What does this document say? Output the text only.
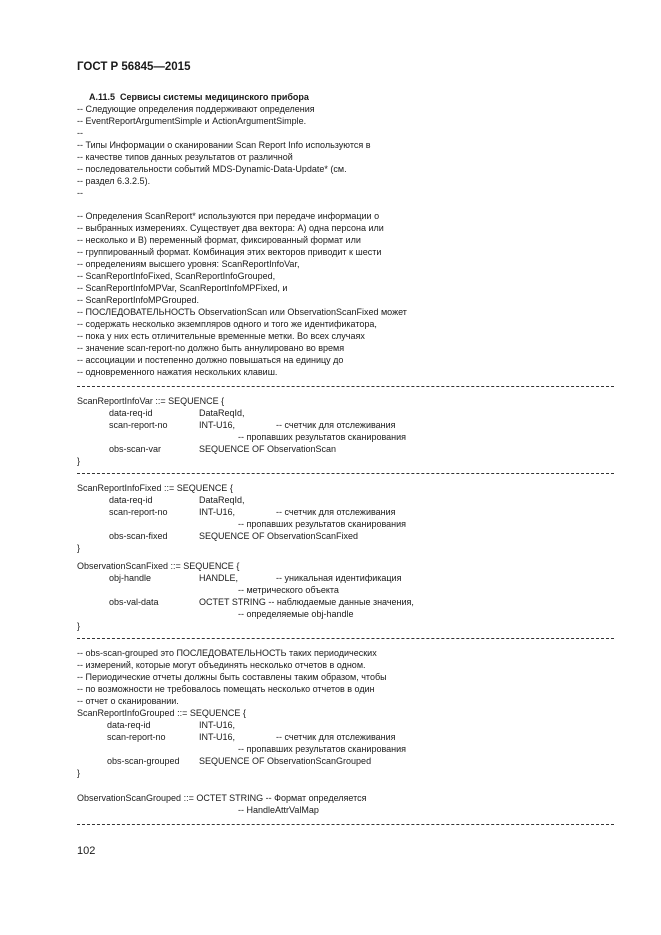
ГОСТ Р 56845—2015
A.11.5  Сервисы системы медицинского прибора
-- Следующие определения поддерживают определения
-- EventReportArgumentSimple и ActionArgumentSimple.
--
-- Типы Информации о сканировании Scan Report Info используются в
-- качестве типов данных результатов от различной
-- последовательности событий MDS-Dynamic-Data-Update* (см.
-- раздел 6.3.2.5).
--
-- Определения ScanReport* используются при передаче информации о
-- выбранных измерениях. Существует два вектора: A) одна персона или
-- несколько и B) переменный формат, фиксированный формат или
-- группированный формат. Комбинация этих векторов приводит к шести
-- определениям высшего уровня: ScanReportInfoVar,
-- ScanReportInfoFixed, ScanReportInfoGrouped,
-- ScanReportInfoMPVar, ScanReportInfoMPFixed, и
-- ScanReportInfoMPGrouped.
-- ПОСЛЕДОВАТЕЛЬНОСТЬ ObservationScan или ObservationScanFixed может
-- содержать несколько экземпляров одного и того же идентификатора,
-- пока у них есть отличительные временные метки. Во всех случаях
-- значение scan-report-no должно быть аннулировано во время
-- ассоциации и постепенно должно повышаться на единицу до
-- одновременного нажатия нескольких клавиш.
ScanReportInfoVar ::= SEQUENCE {
data-req-id	DataReqId,
scan-report-no	INT-U16,	-- счетчик для отслеживания
-- пропавших результатов сканирования
obs-scan-var	SEQUENCE OF ObservationScan
}
ScanReportInfoFixed ::= SEQUENCE {
data-req-id	DataReqId,
scan-report-no	INT-U16,	-- счетчик для отслеживания
-- пропавших результатов сканирования
obs-scan-fixed	SEQUENCE OF ObservationScanFixed
}
ObservationScanFixed ::= SEQUENCE {
obj-handle	HANDLE,	-- уникальная идентификация
-- метрического объекта
obs-val-data	OCTET STRING -- наблюдаемые данные значения,
-- определяемые obj-handle
}
-- obs-scan-grouped это ПОСЛЕДОВАТЕЛЬНОСТЬ таких периодических
-- измерений, которые могут объединять несколько отчетов в одном.
-- Периодические отчеты должны быть составлены таким образом, чтобы
-- по возможности не требовалось помещать несколько отчетов в один
-- отчет о сканировании.
ScanReportInfoGrouped ::= SEQUENCE {
data-req-id	INT-U16,
scan-report-no	INT-U16,	-- счетчик для отслеживания
-- пропавших результатов сканирования
obs-scan-grouped SEQUENCE OF ObservationScanGrouped
}
ObservationScanGrouped ::= OCTET STRING -- Формат определяется
-- HandleAttrValMap
102
